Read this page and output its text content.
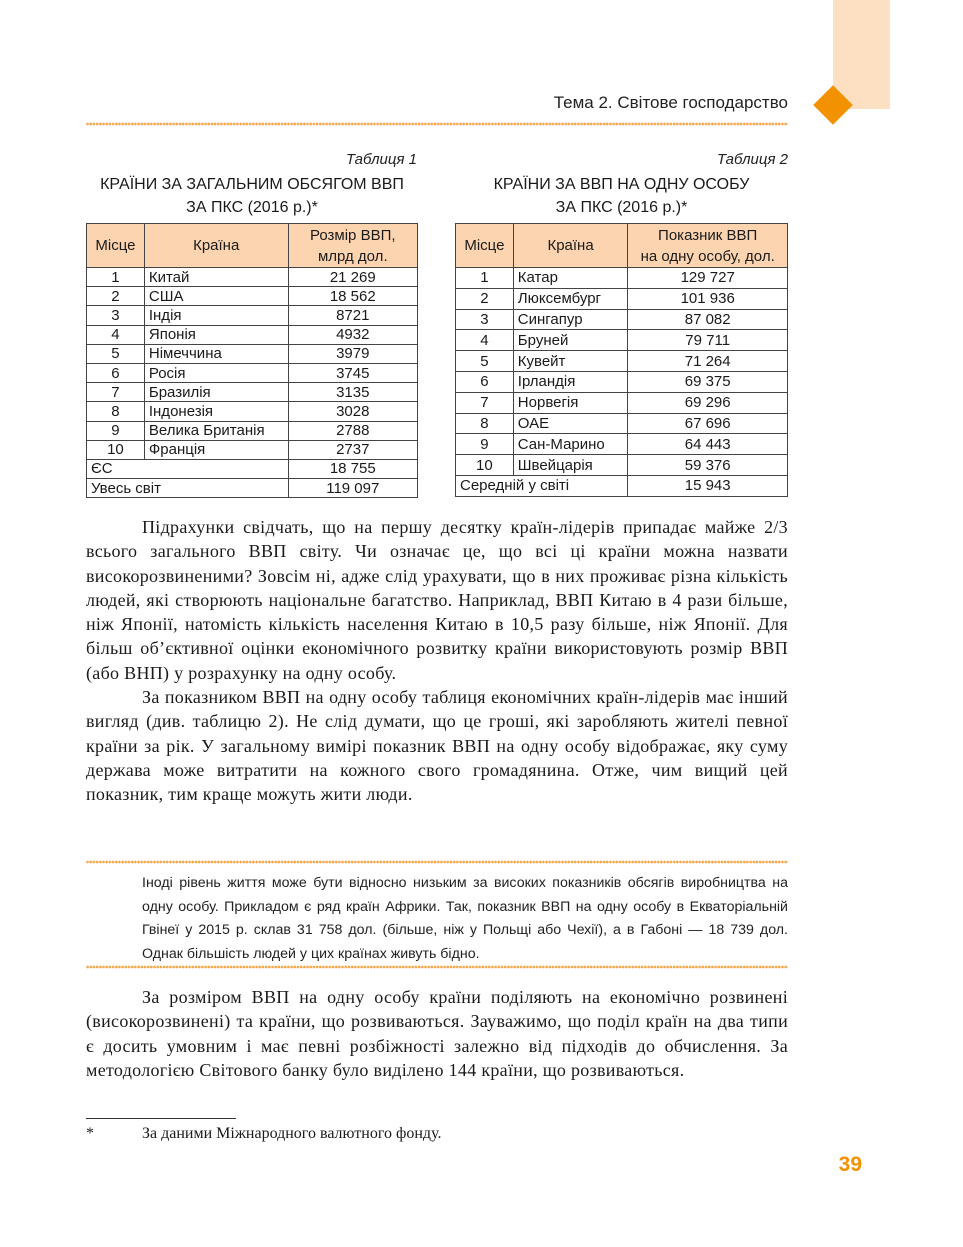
Тема 2. Світове господарство
Таблиця 1
КРАЇНИ ЗА ЗАГАЛЬНИМ ОБСЯГОМ ВВП
ЗА ПКС (2016 р.)*
Місце	Країна	Розмір ВВП,
млрд дол.

1	Китай	21 269
2	США	18 562
3	Індія	8721
4	Японія	4932
5	Німеччина	3979
6	Росія	3745
7	Бразилія	3135
8	Індонезія	3028
9	Велика Британія	2788
10	Франція	2737
ЄС		18 755
Увесь світ		119 097
Таблиця 2
КРАЇНИ ЗА ВВП НА ОДНУ ОСОБУ
ЗА ПКС (2016 р.)*
Місце	Країна	Показник ВВП
на одну особу, дол.

1	Катар	129 727
2	Люксембург	101 936
3	Сингапур	87 082
4	Бруней	79 711
5	Кувейт	71 264
6	Ірландія	69 375
7	Норвегія	69 296
8	ОАЕ	67 696
9	Сан-Марино	64 443
10	Швейцарія	59 376
Середній у світі		15 943

Підрахунки свідчать, що на першу десятку країн-лідерів припадає майже 2/3 всього загального ВВП світу. Чи означає це, що всі ці країни можна назвати високорозвиненими? Зовсім ні, адже слід урахувати, що в них проживає різна кількість людей, які створюють національне багатство. Наприклад, ВВП Китаю в 4 рази більше, ніж Японії, натомість кількість населення Китаю в 10,5 разу більше, ніж Японії. Для більш об’єктивної оцінки економічного розвитку країни використовують розмір ВВП (або ВНП) у розрахунку на одну особу.

За показником ВВП на одну особу таблиця економічних країн-лідерів має інший вигляд (див. таблицю 2). Не слід думати, що це гроші, які заробляють жителі певної країни за рік. У загальному вимірі показник ВВП на одну особу відображає, яку суму держава може витратити на кожного свого громадянина. Отже, чим вищий цей показник, тим краще можуть жити люди.

Іноді рівень життя може бути відносно низьким за високих показників обсягів виробництва на одну особу. Прикладом є ряд країн Африки. Так, показник ВВП на одну особу в Екваторіальній Гвінеї у 2015 р. склав 31 758 дол. (більше, ніж у Польщі або Чехії), а в Габоні — 18 739 дол. Однак більшість людей у цих країнах живуть бідно.

За розміром ВВП на одну особу країни поділяють на економічно розвинені (високорозвинені) та країни, що розвиваються. Зауважимо, що поділ країн на два типи є досить умовним і має певні розбіжності залежно від підходів до обчислення. За методологією Світового банку було виділено 144 країни, що розвиваються.

*	За даними Міжнародного валютного фонду.
39
